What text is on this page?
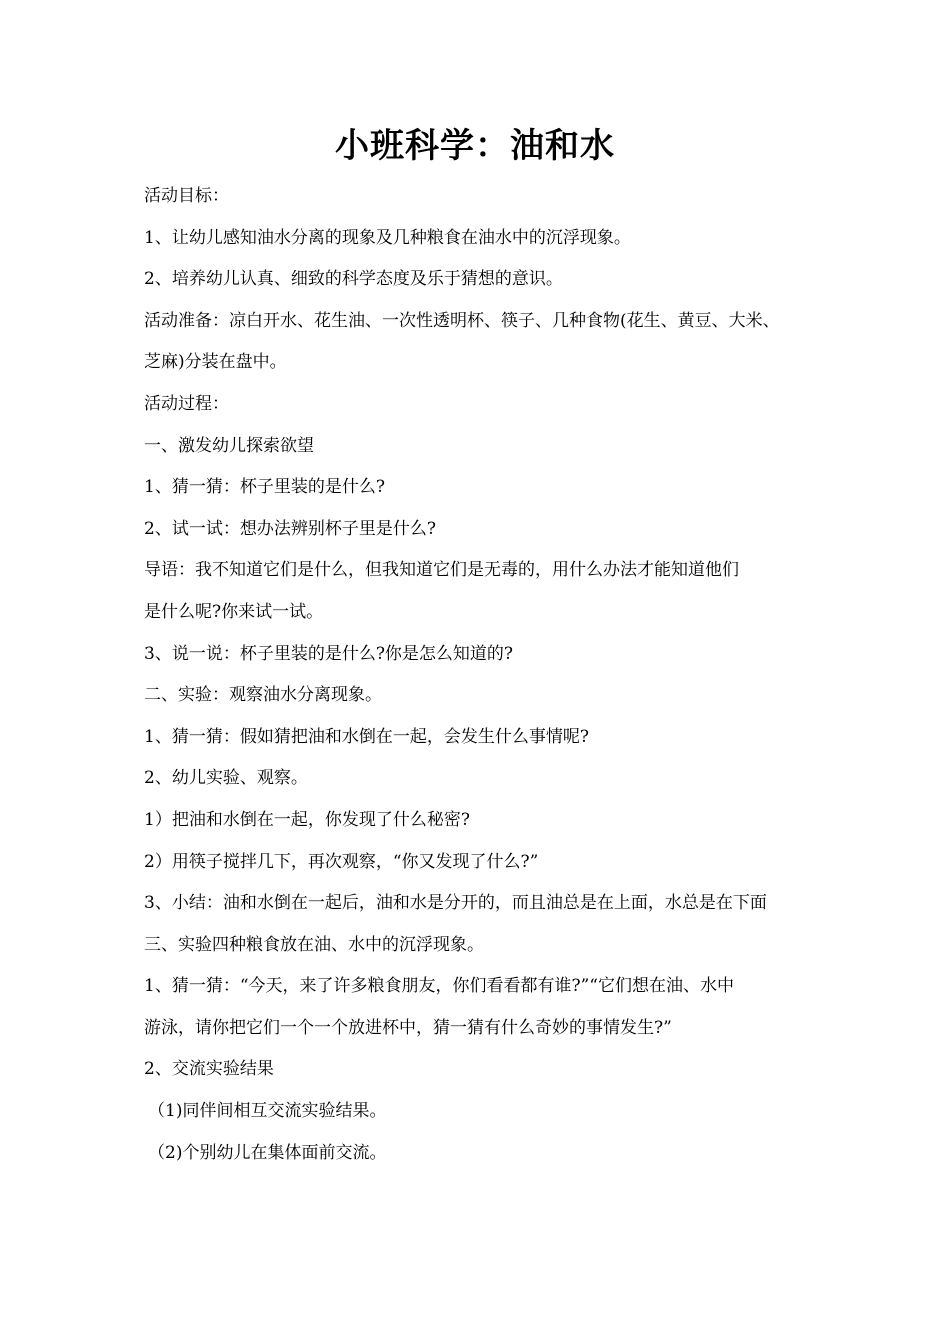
小班科学：油和水
活动目标：
1、让幼儿感知油水分离的现象及几种粮食在油水中的沉浮现象。
2、培养幼儿认真、细致的科学态度及乐于猜想的意识。
活动准备：凉白开水、花生油、一次性透明杯、筷子、几种食物(花生、黄豆、大米、
芝麻)分装在盘中。
活动过程：
一、激发幼儿探索欲望
1、猜一猜：杯子里装的是什么?
2、试一试：想办法辨别杯子里是什么?
导语：我不知道它们是什么，但我知道它们是无毒的，用什么办法才能知道他们
是什么呢?你来试一试。
3、说一说：杯子里装的是什么?你是怎么知道的?
二、实验：观察油水分离现象。
1、猜一猜：假如猜把油和水倒在一起，会发生什么事情呢?
2、幼儿实验、观察。
1）把油和水倒在一起，你发现了什么秘密?
2）用筷子搅拌几下，再次观察，“你又发现了什么?”
3、小结：油和水倒在一起后，油和水是分开的，而且油总是在上面，水总是在下面
三、实验四种粮食放在油、水中的沉浮现象。
1、猜一猜：“今天，来了许多粮食朋友，你们看看都有谁?”“它们想在油、水中
游泳，请你把它们一个一个放进杯中，猜一猜有什么奇妙的事情发生?”
2、交流实验结果
（1)同伴间相互交流实验结果。
（2)个别幼儿在集体面前交流。
